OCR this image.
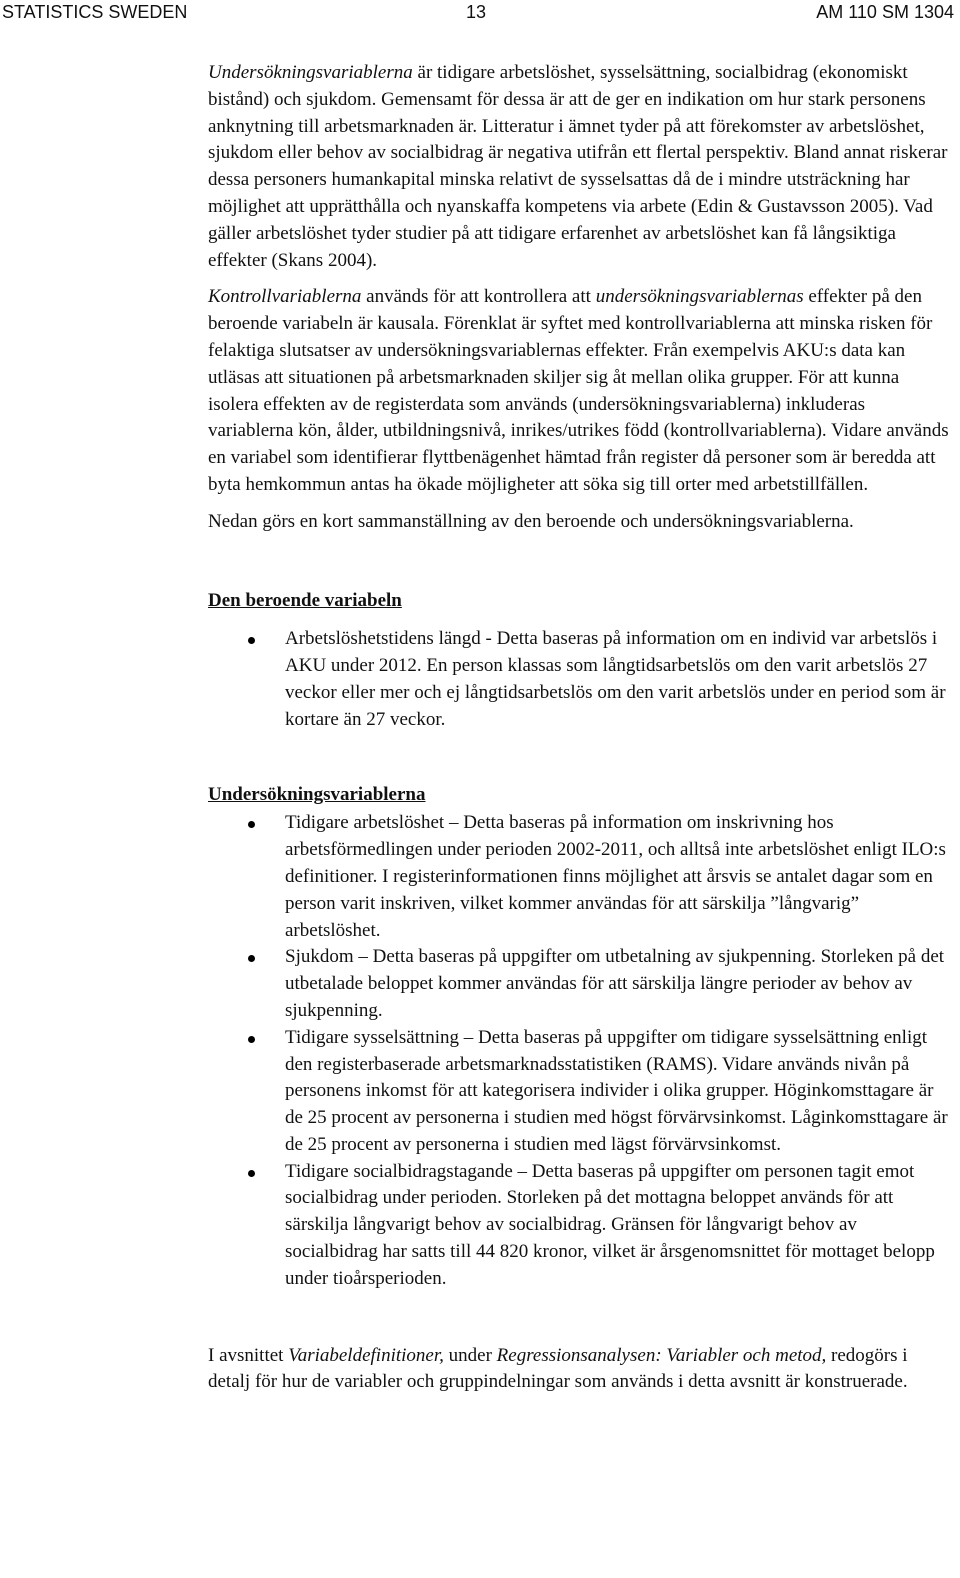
STATISTICS SWEDEN	13	AM 110 SM 1304

Undersökningsvariablerna är tidigare arbetslöshet, sysselsättning, socialbidrag (ekonomiskt bistånd) och sjukdom. Gemensamt för dessa är att de ger en indikation om hur stark personens anknytning till arbetsmarknaden är. Litteratur i ämnet tyder på att förekomster av arbetslöshet, sjukdom eller behov av socialbidrag är negativa utifrån ett flertal perspektiv. Bland annat riskerar dessa personers humankapital minska relativt de sysselsattas då de i mindre utsträckning har möjlighet att upprätthålla och nyanskaffa kompetens via arbete (Edin & Gustavsson 2005). Vad gäller arbetslöshet tyder studier på att tidigare erfarenhet av arbetslöshet kan få långsiktiga effekter (Skans 2004).

Kontrollvariablerna används för att kontrollera att undersökningsvariablernas effekter på den beroende variabeln är kausala. Förenklat är syftet med kontrollvariablerna att minska risken för felaktiga slutsatser av undersökningsvariablernas effekter. Från exempelvis AKU:s data kan utläsas att situationen på arbetsmarknaden skiljer sig åt mellan olika grupper. För att kunna isolera effekten av de registerdata som används (undersökningsvariablerna) inkluderas variablerna kön, ålder, utbildningsnivå, inrikes/utrikes född (kontrollvariablerna). Vidare används en variabel som identifierar flyttbenägenhet hämtad från register då personer som är beredda att byta hemkommun antas ha ökade möjligheter att söka sig till orter med arbetstillfällen.

Nedan görs en kort sammanställning av den beroende och undersökningsvariablerna.

Den beroende variabeln
Arbetslöshetstidens längd - Detta baseras på information om en individ var arbetslös i AKU under 2012. En person klassas som långtidsarbetslös om den varit arbetslös 27 veckor eller mer och ej långtidsarbetslös om den varit arbetslös under en period som är kortare än 27 veckor.
Undersökningsvariablerna
Tidigare arbetslöshet – Detta baseras på information om inskrivning hos arbetsförmedlingen under perioden 2002-2011, och alltså inte arbetslöshet enligt ILO:s definitioner. I registerinformationen finns möjlighet att årsvis se antalet dagar som en person varit inskriven, vilket kommer användas för att särskilja ”långvarig” arbetslöshet.
Sjukdom – Detta baseras på uppgifter om utbetalning av sjukpenning. Storleken på det utbetalade beloppet kommer användas för att särskilja längre perioder av behov av sjukpenning.
Tidigare sysselsättning – Detta baseras på uppgifter om tidigare sysselsättning enligt den registerbaserade arbetsmarknadsstatistiken (RAMS). Vidare används nivån på personens inkomst för att kategorisera individer i olika grupper. Höginkomsttagare är de 25 procent av personerna i studien med högst förvärvsinkomst. Låginkomsttagare är de 25 procent av personerna i studien med lägst förvärvsinkomst.
Tidigare socialbidragstagande – Detta baseras på uppgifter om personen tagit emot socialbidrag under perioden. Storleken på det mottagna beloppet används för att särskilja långvarigt behov av socialbidrag. Gränsen för långvarigt behov av socialbidrag har satts till 44 820 kronor, vilket är årsgenomsnittet för mottaget belopp under tioårsperioden.

I avsnittet Variabeldefinitioner, under Regressionsanalysen: Variabler och metod, redogörs i detalj för hur de variabler och gruppindelningar som används i detta avsnitt är konstruerade.
